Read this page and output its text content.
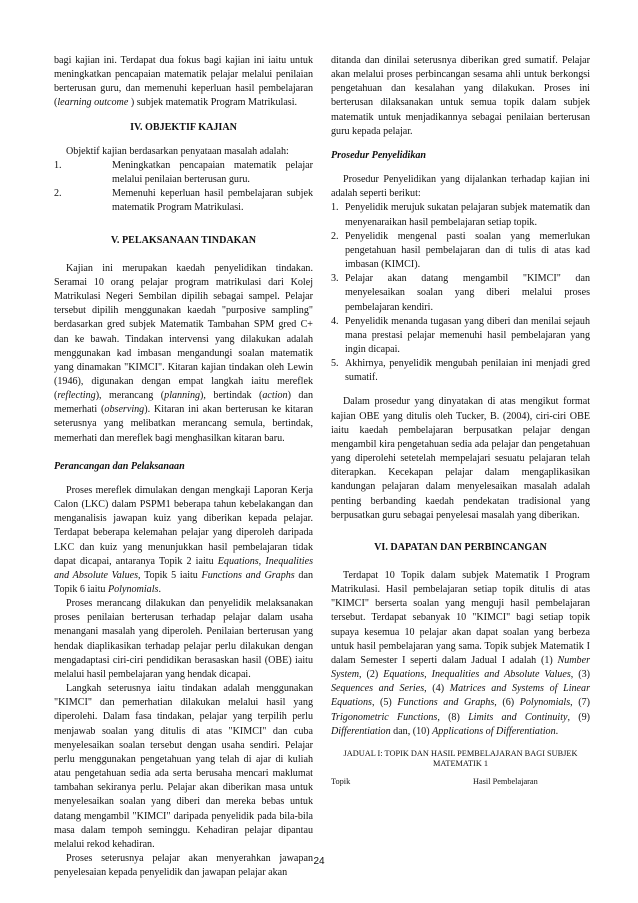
bagi kajian ini. Terdapat dua fokus bagi kajian ini iaitu untuk meningkatkan pencapaian matematik pelajar melalui penilaian berterusan guru, dan memenuhi keperluan hasil pembelajaran (learning outcome ) subjek matematik Program Matrikulasi.

IV. OBJEKTIF KAJIAN

Objektif kajian berdasarkan penyataan masalah adalah:

1.	Meningkatkan pencapaian matematik pelajar melalui penilaian berterusan guru.
2.	Memenuhi keperluan hasil pembelajaran subjek matematik Program Matrikulasi.

V. PELAKSANAAN TINDAKAN

Kajian ini merupakan kaedah penyelidikan tindakan. Seramai 10 orang pelajar program matrikulasi dari Kolej Matrikulasi Negeri Sembilan dipilih sebagai sampel. Pelajar tersebut dipilih menggunakan kaedah "purposive sampling" berdasarkan gred subjek Matematik Tambahan SPM gred C+ dan ke bawah. Tindakan intervensi yang dilakukan adalah menggunakan kad imbasan mengandungi soalan matematik yang dinamakan "KIMCI". Kitaran kajian tindakan oleh Lewin (1946), digunakan dengan empat langkah iaitu mereflek (reflecting), merancang (planning), bertindak (action) dan memerhati (observing). Kitaran ini akan berterusan ke kitaran seterusnya yang melibatkan merancang semula, bertindak, memerhati dan mereflek bagi menghasilkan kitaran baru.

Perancangan dan Pelaksanaan

Proses mereflek dimulakan dengan mengkaji Laporan Kerja Calon (LKC) dalam PSPM1 beberapa tahun kebelakangan dan menganalisis jawapan kuiz yang diberikan kepada pelajar. Terdapat beberapa kelemahan pelajar yang diperoleh daripada LKC dan kuiz yang menunjukkan hasil pembelajaran tidak dapat dicapai, antaranya Topik 2 iaitu Equations, Inequalities and Absolute Values, Topik 5 iaitu Functions and Graphs dan Topik 6 iaitu Polynomials.

Proses merancang dilakukan dan penyelidik melaksanakan proses penilaian berterusan terhadap pelajar dalam usaha menangani masalah yang diperoleh. Penilaian berterusan yang hendak diaplikasikan terhadap pelajar perlu dilakukan dengan mengadaptasi ciri-ciri pendidikan berasaskan hasil (OBE) iaitu melalui hasil pembelajaran yang hendak dicapai.

Langkah seterusnya iaitu tindakan adalah menggunakan "KIMCI" dan pemerhatian dilakukan melalui hasil yang diperolehi. Dalam fasa tindakan, pelajar yang terpilih perlu menjawab soalan yang ditulis di atas "KIMCI" dan cuba menyelesaikan soalan tersebut dengan usaha sendiri. Pelajar perlu menggunakan pengetahuan yang telah di ajar di kuliah atau pengetahuan sedia ada serta berusaha mencari maklumat tambahan sekiranya perlu. Pelajar akan diberikan masa untuk menyelesaikan soalan yang diberi dan mereka bebas untuk datang mengambil "KIMCI" daripada penyelidik pada bila-bila masa dalam tempoh seminggu. Kehadiran pelajar dipantau melalui rekod kehadiran.

Proses seterusnya pelajar akan menyerahkan jawapan penyelesaian kepada penyelidik dan jawapan pelajar akan

ditanda dan dinilai seterusnya diberikan gred sumatif. Pelajar akan melalui proses perbincangan sesama ahli untuk berkongsi pengetahuan dan kesalahan yang dilakukan. Proses ini berterusan dilaksanakan untuk semua topik dalam subjek matematik untuk menjadikannya sebagai penilaian berterusan guru kepada pelajar.

Prosedur Penyelidikan

Prosedur Penyelidikan yang dijalankan terhadap kajian ini adalah seperti berikut:

1. Penyelidik merujuk sukatan pelajaran subjek matematik dan menyenaraikan hasil pembelajaran setiap topik.
2. Penyelidik mengenal pasti soalan yang memerlukan pengetahuan hasil pembelajaran dan di tulis di atas kad imbasan (KIMCI).
3. Pelajar akan datang mengambil "KIMCI" dan menyelesaikan soalan yang diberi melalui proses pembelajaran kendiri.
4. Penyelidik menanda tugasan yang diberi dan menilai sejauh mana prestasi pelajar memenuhi hasil pembelajaran yang ingin dicapai.
5. Akhirnya, penyelidik mengubah penilaian ini menjadi gred sumatif.

Dalam prosedur yang dinyatakan di atas mengikut format kajian OBE yang ditulis oleh Tucker, B. (2004), ciri-ciri OBE iaitu kaedah pembelajaran berpusatkan pelajar dengan mengambil kira pengetahuan sedia ada pelajar dan pengetahuan yang diperolehi setetelah mempelajari sesuatu pelajaran telah diterapkan. Kecekapan pelajar dalam mengaplikasikan kandungan pelajaran dalam menyelesaikan masalah adalah penting berbanding kaedah pendekatan tradisional yang berpusatkan guru sebagai penyelesai masalah yang diberikan.

VI. DAPATAN DAN PERBINCANGAN

Terdapat 10 Topik dalam subjek Matematik I Program Matrikulasi. Hasil pembelajaran setiap topik ditulis di atas "KIMCI" berserta soalan yang menguji hasil pembelajaran tersebut. Terdapat sebanyak 10 "KIMCI" bagi setiap topik supaya kesemua 10 pelajar akan dapat soalan yang berbeza untuk hasil pembelajaran yang sama. Topik subjek Matematik I dalam Semester I seperti dalam Jadual I adalah (1) Number System, (2) Equations, Inequalities and Absolute Values, (3) Sequences and Series, (4) Matrices and Systems of Linear Equations, (5) Functions and Graphs, (6) Polynomials, (7) Trigonometric Functions, (8) Limits and Continuity, (9) Differentiation dan, (10) Applications of Differentiation.

JADUAL I: TOPIK DAN HASIL PEMBELAJARAN BAGI SUBJEK MATEMATIK 1

Topik	Hasil Pembelajaran
24
